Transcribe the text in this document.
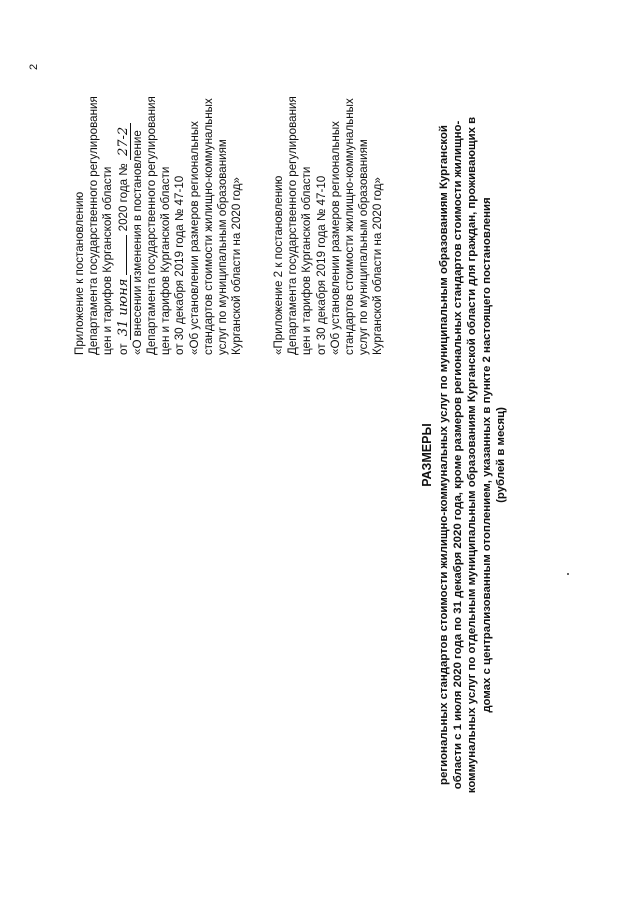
2
Приложение к постановлению Департамента государственного регулирования цен и тарифов Курганской области от 31 июня 2020 года № 27-2 «О внесении изменения в постановление Департамента государственного регулирования цен и тарифов Курганской области от 30 декабря 2019 года № 47-10 «Об установлении размеров региональных стандартов стоимости жилищно-коммунальных услуг по муниципальным образованиям Курганской области на 2020 год» «Приложение 2 к постановлению Департамента государственного регулирования цен и тарифов Курганской области от 30 декабря 2019 года № 47-10 «Об установлении размеров региональных стандартов стоимости жилищно-коммунальных услуг по муниципальным образованиям Курганской области на 2020 год»
РАЗМЕРЫ региональных стандартов стоимости жилищно-коммунальных услуг по муниципальным образованиям Курганской области с 1 июля 2020 года по 31 декабря 2020 года, кроме размеров региональных стандартов стоимости жилищно- коммунальных услуг по отдельным муниципальным образованиям Курганской области для граждан, проживающих в домах с централизованным отоплением, указанных в пункте 2 настоящего постановления (рублей в месяц)
